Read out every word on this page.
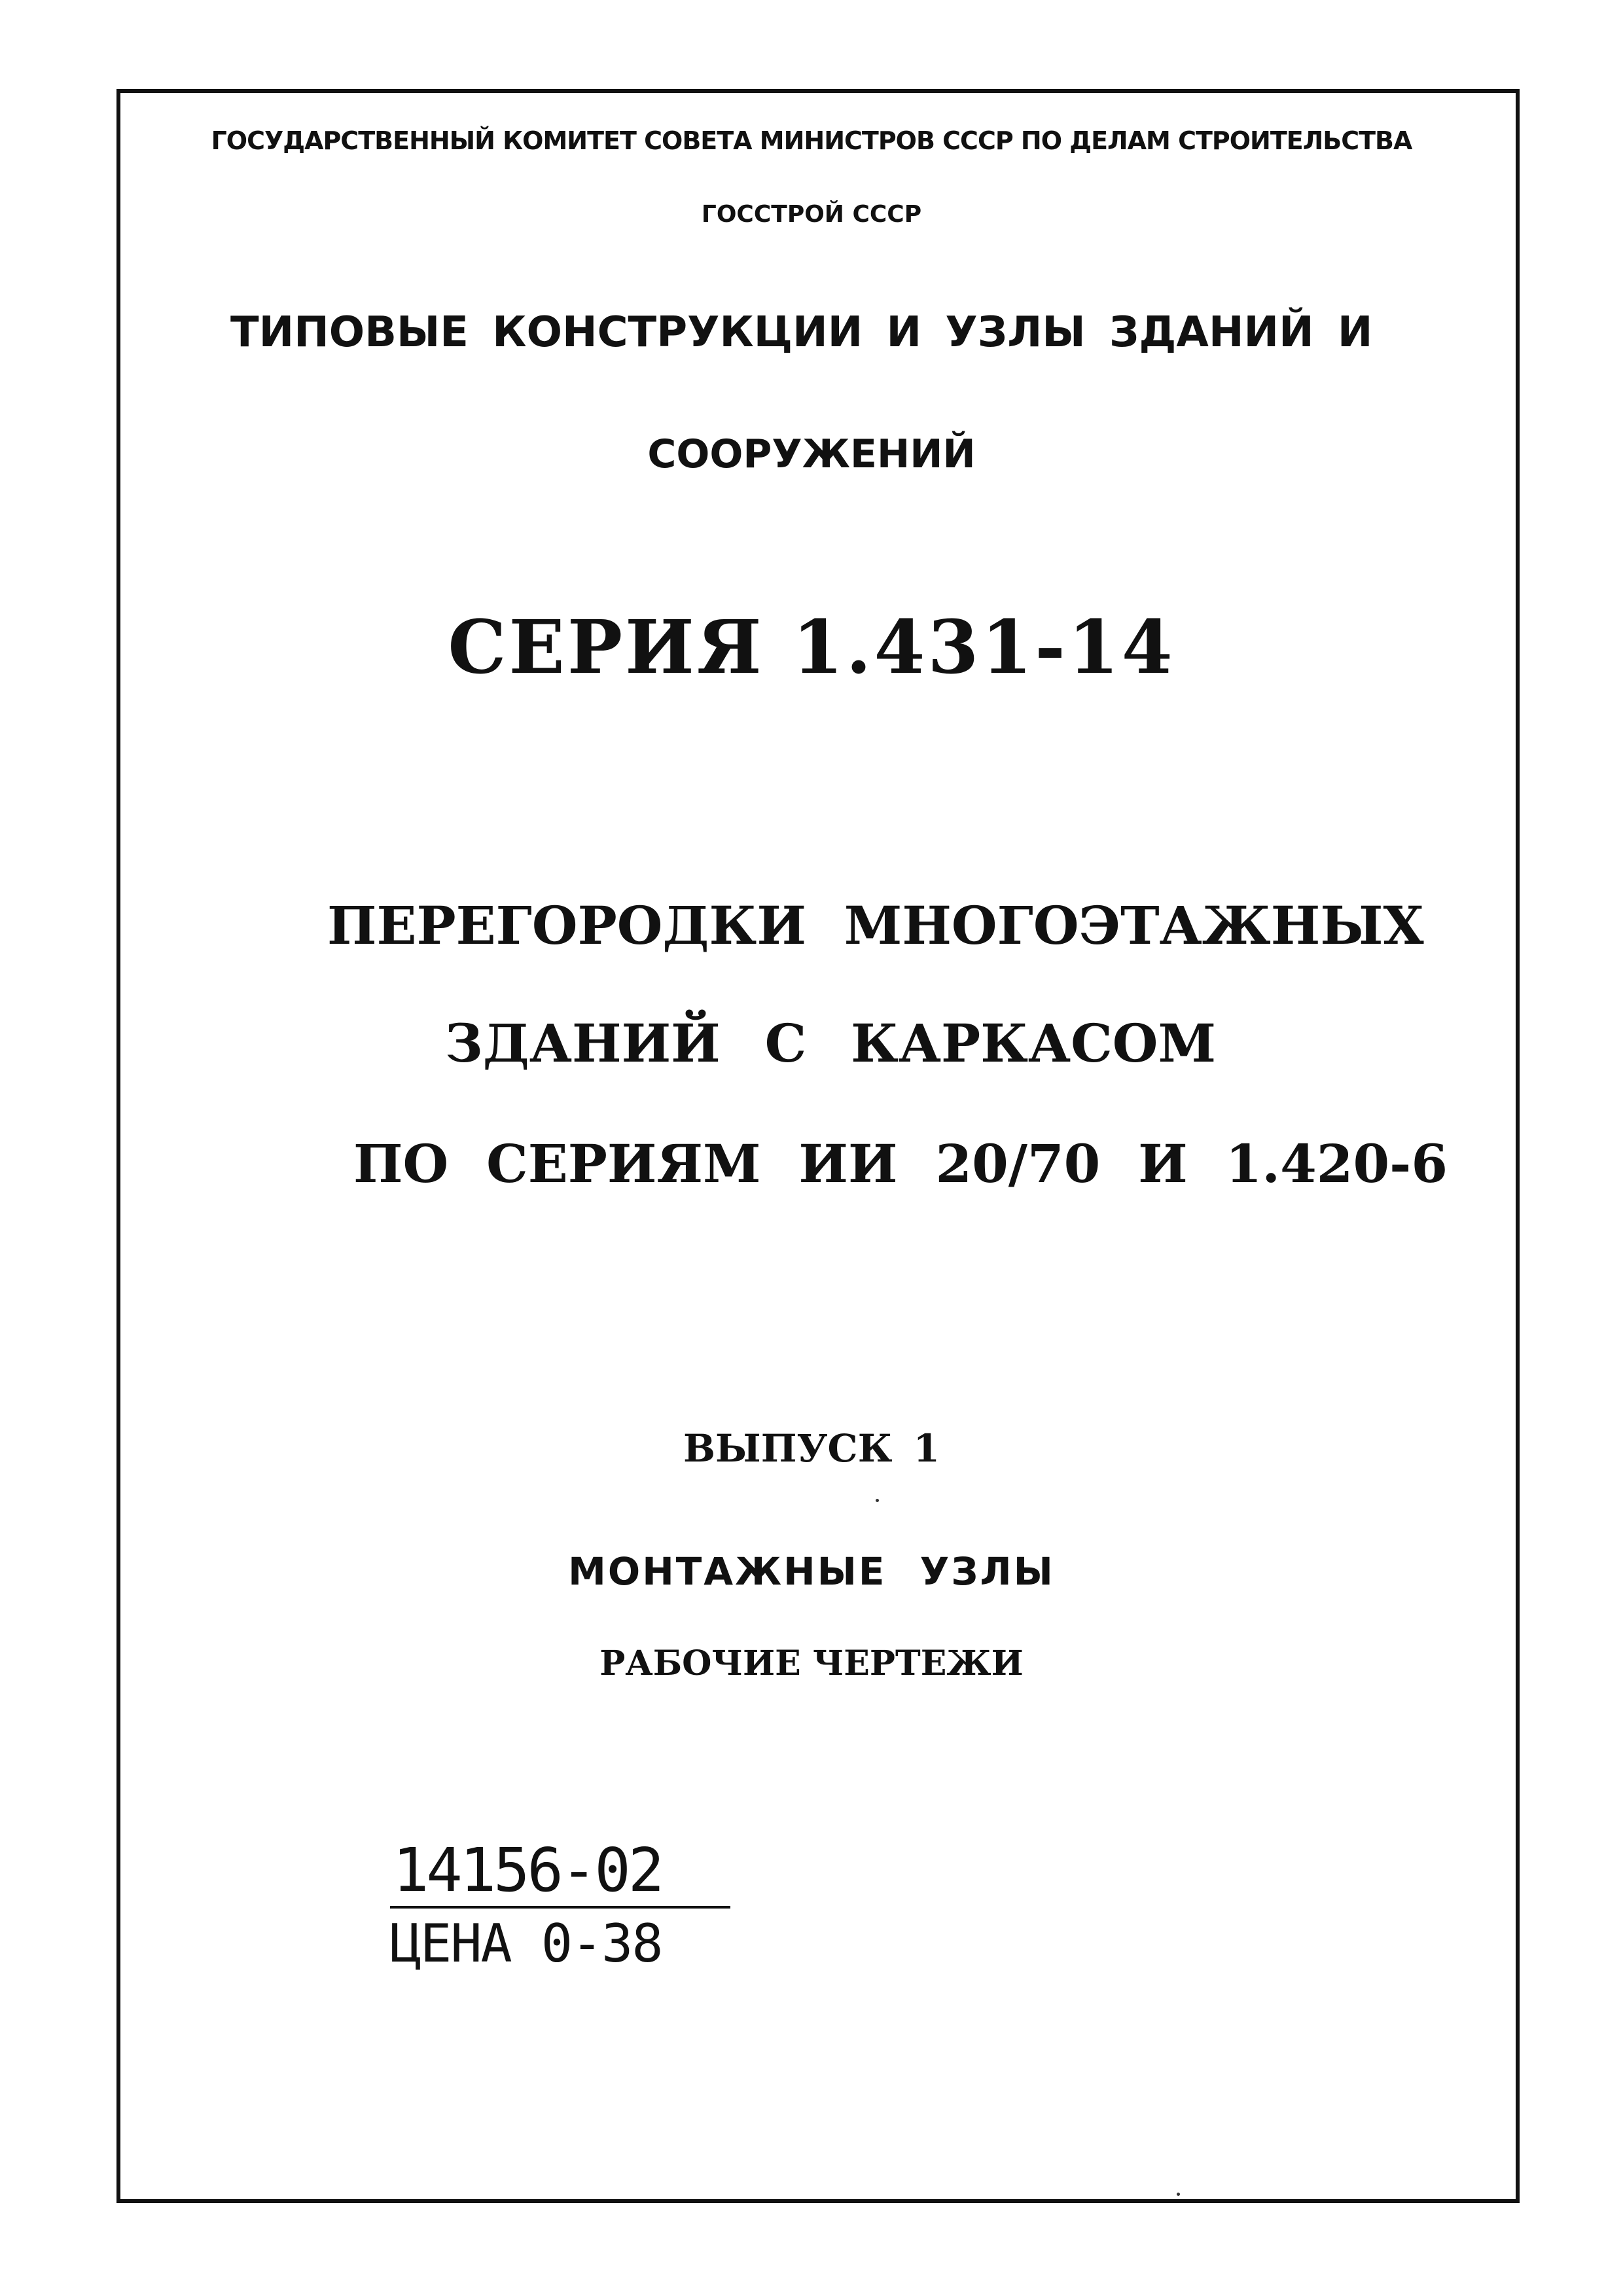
ГОСУДАРСТВЕННЫЙ КОМИТЕТ СОВЕТА МИНИСТРОВ СССР ПО ДЕЛАМ СТРОИТЕЛЬСТВА
ГОССТРОЙ СССР
ТИПОВЫЕ КОНСТРУКЦИИ И УЗЛЫ ЗДАНИЙ И
СООРУЖЕНИЙ
СЕРИЯ 1.431-14
ПЕРЕГОРОДКИ МНОГОЭТАЖНЫХ
ЗДАНИЙ С КАРКАСОМ
ПО СЕРИЯМ ИИ 20/70 И 1.420-6
ВЫПУСК 1
МОНТАЖНЫЕ УЗЛЫ
РАБОЧИЕ ЧЕРТЕЖИ
14156-02
ЦЕНА 0-38
